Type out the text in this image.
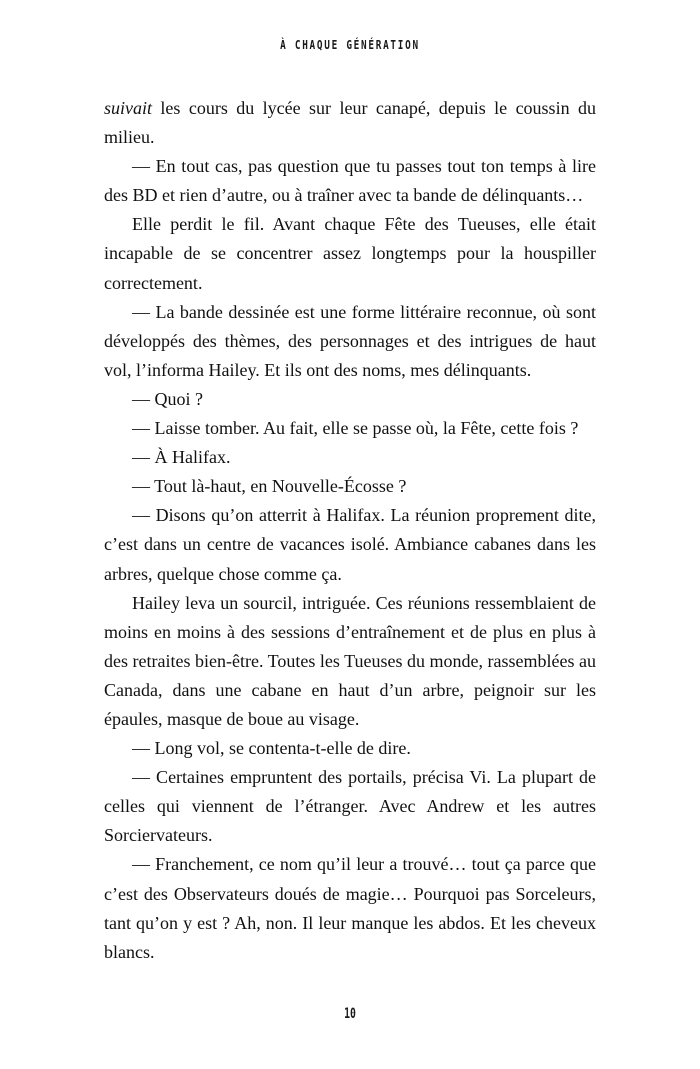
À CHAQUE GÉNÉRATION

suivait les cours du lycée sur leur canapé, depuis le coussin du milieu.

— En tout cas, pas question que tu passes tout ton temps à lire des BD et rien d’autre, ou à traîner avec ta bande de délinquants…

Elle perdit le fil. Avant chaque Fête des Tueuses, elle était incapable de se concentrer assez longtemps pour la houspiller correctement.

— La bande dessinée est une forme littéraire reconnue, où sont développés des thèmes, des personnages et des intrigues de haut vol, l’informa Hailey. Et ils ont des noms, mes délinquants.

— Quoi ?

— Laisse tomber. Au fait, elle se passe où, la Fête, cette fois ?

— À Halifax.

— Tout là-haut, en Nouvelle-Écosse ?

— Disons qu’on atterrit à Halifax. La réunion proprement dite, c’est dans un centre de vacances isolé. Ambiance cabanes dans les arbres, quelque chose comme ça.

Hailey leva un sourcil, intriguée. Ces réunions ressemblaient de moins en moins à des sessions d’entraînement et de plus en plus à des retraites bien-être. Toutes les Tueuses du monde, rassemblées au Canada, dans une cabane en haut d’un arbre, peignoir sur les épaules, masque de boue au visage.

— Long vol, se contenta-t-elle de dire.

— Certaines empruntent des portails, précisa Vi. La plupart de celles qui viennent de l’étranger. Avec Andrew et les autres Sorciervateurs.

— Franchement, ce nom qu’il leur a trouvé… tout ça parce que c’est des Observateurs doués de magie… Pourquoi pas Sorceleurs, tant qu’on y est ? Ah, non. Il leur manque les abdos. Et les cheveux blancs.

10
